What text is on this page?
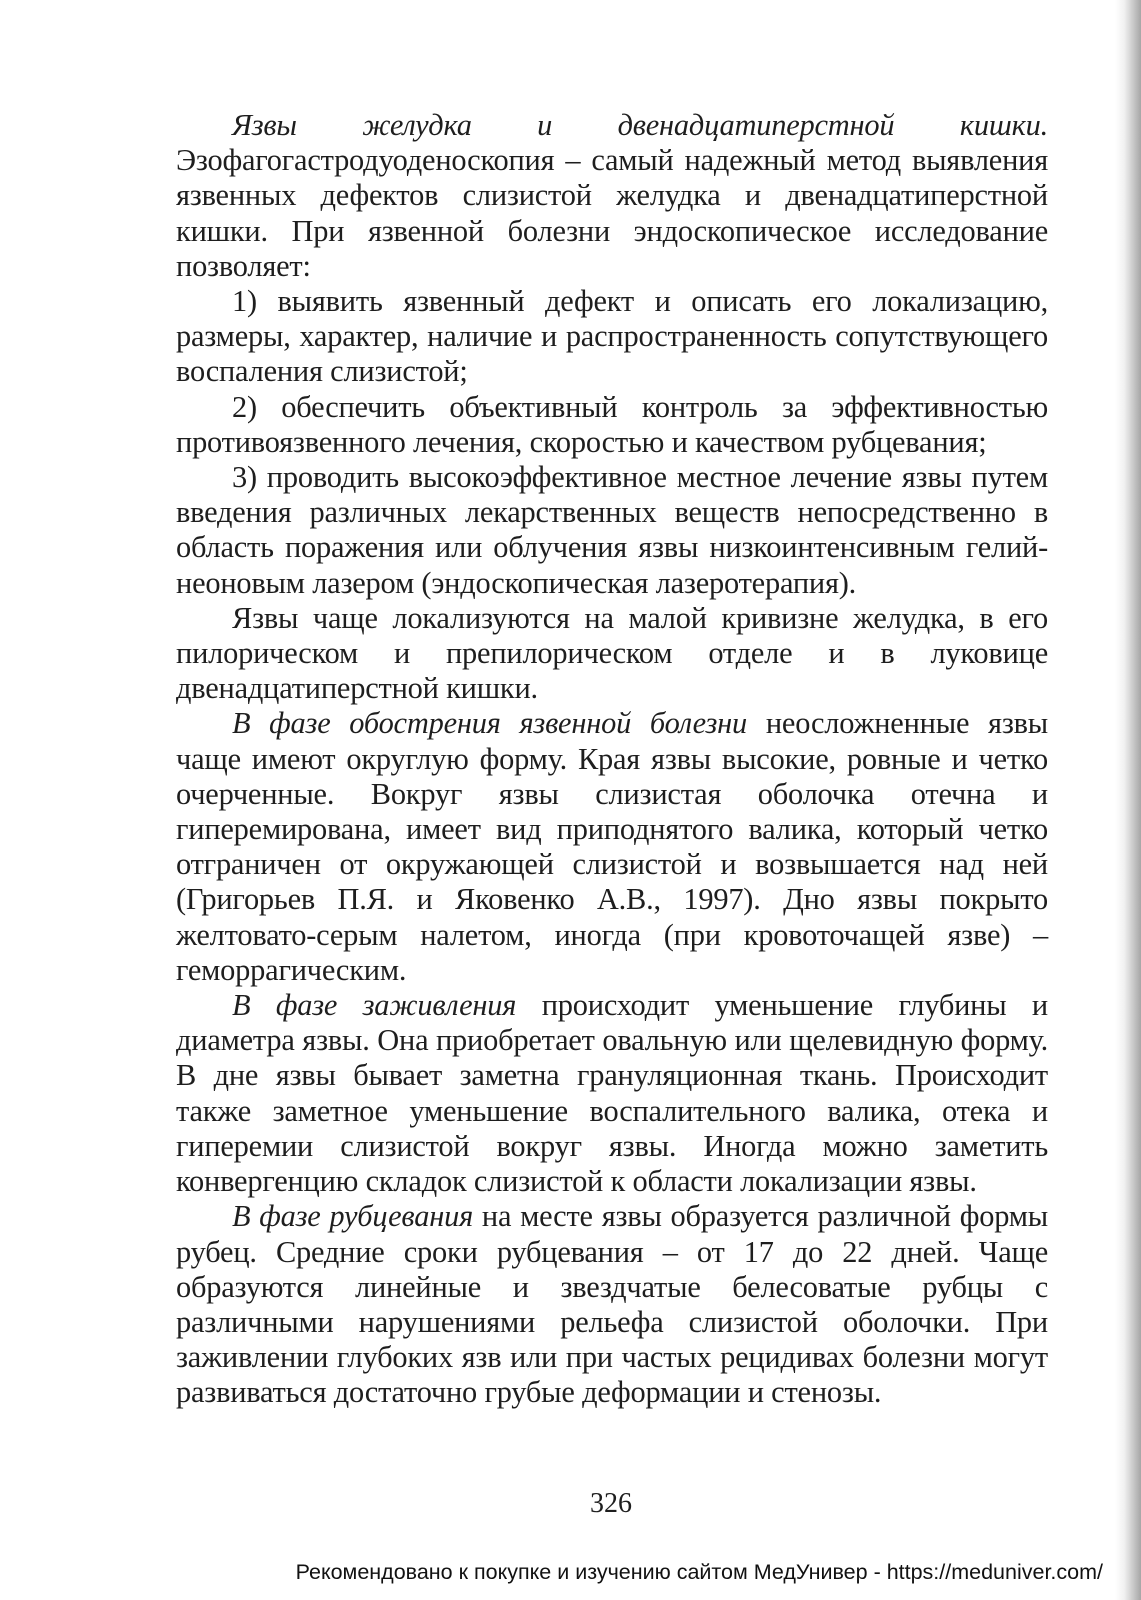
Язвы желудка и двенадцатиперстной кишки. Эзофагогастродуоденоскопия – самый надежный метод выявления язвенных дефектов слизистой желудка и двенадцатиперстной кишки. При язвенной болезни эндоскопическое исследование позволяет:

1) выявить язвенный дефект и описать его локализацию, размеры, характер, наличие и распространенность сопутствующего воспаления слизистой;

2) обеспечить объективный контроль за эффективностью противоязвенного лечения, скоростью и качеством рубцевания;

3) проводить высокоэффективное местное лечение язвы путем введения различных лекарственных веществ непосредственно в область поражения или облучения язвы низкоинтенсивным гелий-неоновым лазером (эндоскопическая лазеротерапия).

Язвы чаще локализуются на малой кривизне желудка, в его пилорическом и препилорическом отделе и в луковице двенадцатиперстной кишки.

В фазе обострения язвенной болезни неосложненные язвы чаще имеют округлую форму. Края язвы высокие, ровные и четко очерченные. Вокруг язвы слизистая оболочка отечна и гиперемирована, имеет вид приподнятого валика, который четко отграничен от окружающей слизистой и возвышается над ней (Григорьев П.Я. и Яковенко А.В., 1997). Дно язвы покрыто желтовато-серым налетом, иногда (при кровоточащей язве) – геморрагическим.

В фазе заживления происходит уменьшение глубины и диаметра язвы. Она приобретает овальную или щелевидную форму. В дне язвы бывает заметна грануляционная ткань. Происходит также заметное уменьшение воспалительного валика, отека и гиперемии слизистой вокруг язвы. Иногда можно заметить конвергенцию складок слизистой к области локализации язвы.

В фазе рубцевания на месте язвы образуется различной формы рубец. Средние сроки рубцевания – от 17 до 22 дней. Чаще образуются линейные и звездчатые белесоватые рубцы с различными нарушениями рельефа слизистой оболочки. При заживлении глубоких язв или при частых рецидивах болезни могут развиваться достаточно грубые деформации и стенозы.

326
Рекомендовано к покупке и изучению сайтом МедУнивер - https://meduniver.com/
